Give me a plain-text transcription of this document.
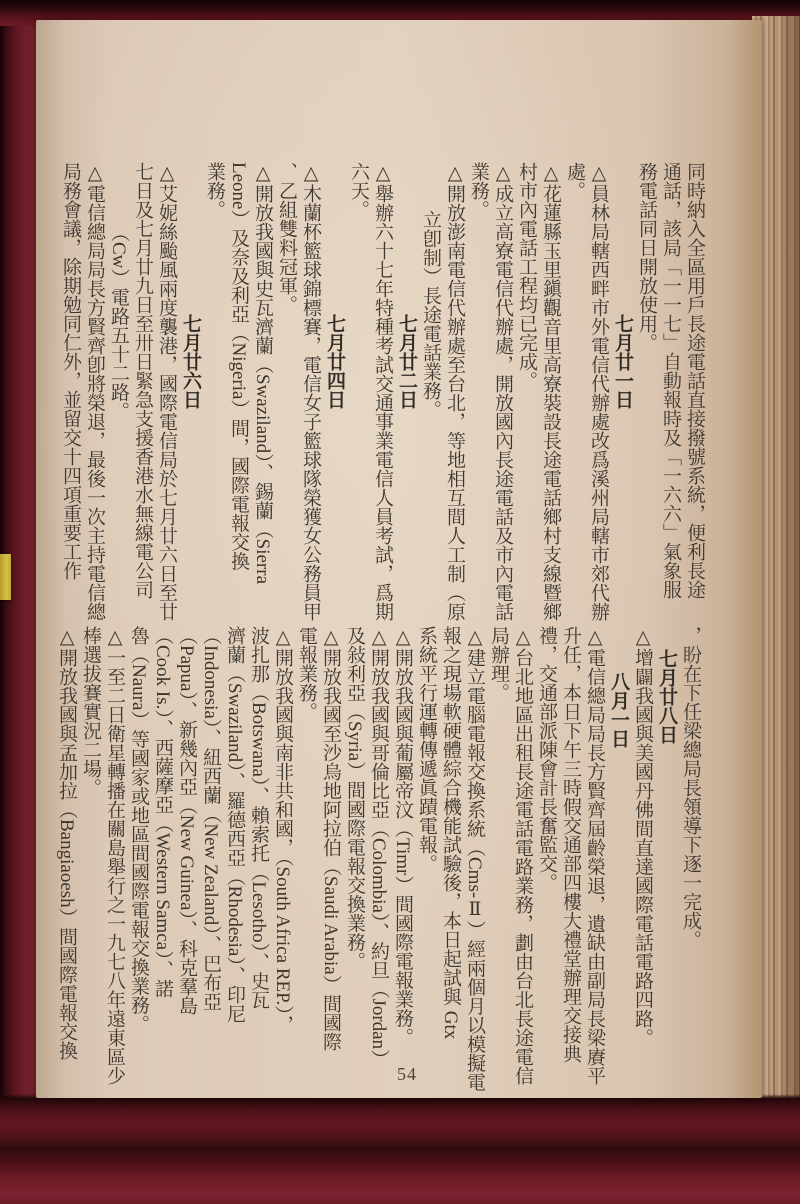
同時納入全區用戶長途電話直接撥號系統，便利長途
通話，該局「一一七」自動報時及「一六六」氣象服
務電話同日開放使用。
七月廿一日
△員林局轄西畔市外電信代辦處改爲溪州局轄市郊代辦
處。
△花蓮縣玉里鎭觀音里高寮裝設長途電話鄉村支線暨鄉
村市內電話工程均已完成。
△成立高寮電信代辦處，開放國內長途電話及市內電話
業務。
△開放澎南電信代辦處至台北，等地相互間人工制（原
立卽制）長途電話業務。
七月廿二日
△舉辦六十七年特種考試交通事業電信人員考試，爲期
六天。
七月廿四日
△木蘭杯籃球錦標賽，電信女子籃球隊榮獲女公務員甲
、乙組雙料冠軍。
△開放我國與史瓦濟蘭（Swaziland）、錫蘭（Sierra
Leone）及奈及利亞（Nigeria）間，國際電報交換
業務。
七月廿六日
△艾妮絲颱風兩度襲港，國際電信局於七月廿六日至廿
七日及七月廿九日至卅日緊急支援香港水無線電公司
（Cw）電路五十二路。
△電信總局局長方賢齊卽將榮退，最後一次主持電信總
局務會議，除期勉同仁外，並留交十四項重要工作
，盼在下任梁總局長領導下逐一完成。
七月廿八日
△增闢我國與美國丹佛間直達國際電話電路四路。
八月一日
△電信總局局長方賢齊屆齡榮退，遺缺由副局長梁賡平
升任，本日下午三時假交通部四樓大禮堂辦理交接典
禮，交通部派陳會計長奮監交。
△台北地區出租長途電話電路業務，劃由台北長途電信
局辦理。
△建立電腦電報交換系統（Cms-Ⅱ）經兩個月以模擬電
報之現場軟硬體綜合機能試驗後，本日起試與 Gtx
系統平行運轉傳遞眞蹟電報。
△開放我國與葡屬帝汶（Timr）間國際電報業務。
△開放我國與哥倫比亞（Colombia）、約旦（Jordan）
及敍利亞（Syria）間國際電報交換業務。
△開放我國至沙烏地阿拉伯（Saudi Arabia）間國際
電報業務。
△開放我國與南非共和國，（South Africa REP.），
波扎那（Botswana）、賴索托（Lesotho）、史瓦
濟蘭（Swaziland）、羅德西亞（Rhodesia）、印尼
（Indonesia）、紐西蘭（New Zealand）、巴布亞
（Papua）、新幾內亞（New Guinea）、科克羣島
（Cook Is.）、西薩摩亞（Western Samca）、諾
魯（Naura）等國家或地區間國際電報交換業務。
△一至二日衛星轉播在關島舉行之一九七八年遠東區少
棒選拔賽實況二場。
△開放我國與孟加拉（Bangiaoesh）間國際電報交換
54
